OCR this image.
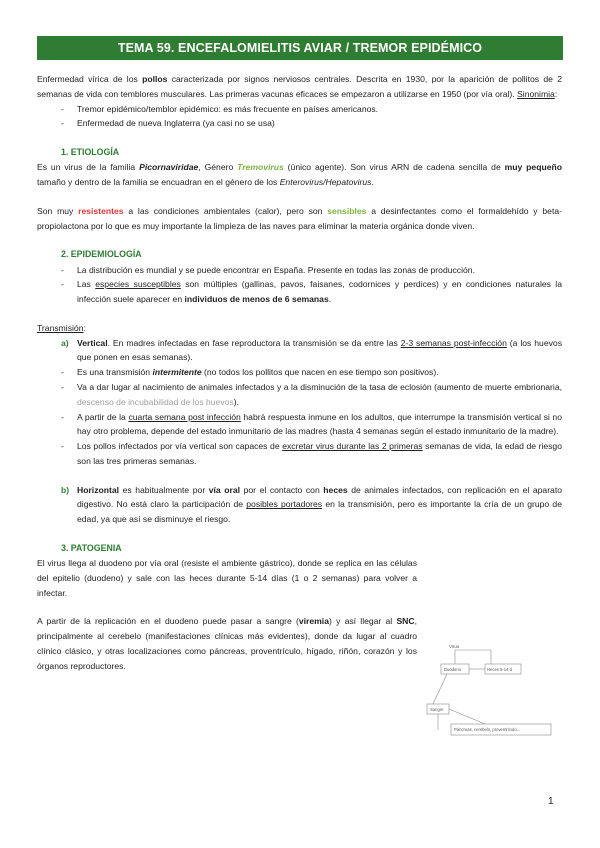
TEMA 59. ENCEFALOMIELITIS AVIAR / TREMOR EPIDÉMICO

Enfermedad vírica de los pollos caracterizada por signos nerviosos centrales. Descrita en 1930, por la aparición de pollitos de 2 semanas de vida con temblores musculares. Las primeras vacunas eficaces se empezaron a utilizarse en 1950 (por vía oral). Sinonimia:

- Tremor epidémico/temblor epidémico: es más frecuente en países americanos.
- Enfermedad de nueva Inglaterra (ya casi no se usa)
1. ETIOLOGÍA

Es un virus de la familia Picornaviridae, Género Tremovirus (único agente). Son virus ARN de cadena sencilla de muy pequeño tamaño y dentro de la familia se encuadran en el género de los Enterovirus/Hepatovirus.

Son muy resistentes a las condiciones ambientales (calor), pero son sensibles a desinfectantes como el formaldehído y beta-propiolactona por lo que es muy importante la limpieza de las naves para eliminar la materia orgánica donde viven.

2. EPIDEMIOLOGÍA
- La distribución es mundial y se puede encontrar en España. Presente en todas las zonas de producción.
- Las especies susceptibles son múltiples (gallinas, pavos, faisanes, codornices y perdices) y en condiciones naturales la infección suele aparecer en individuos de menos de 6 semanas.

Transmisión:

a) Vertical. En madres infectadas en fase reproductora la transmisión se da entre las 2-3 semanas post-infección (a los huevos que ponen en esas semanas).
- Es una transmisión intermitente (no todos los pollitos que nacen en ese tiempo son positivos).
- Va a dar lugar al nacimiento de animales infectados y a la disminución de la tasa de eclosión (aumento de muerte embrionaria, descenso de incubabilidad de los huevos).
- A partir de la cuarta semana post infección habrá respuesta inmune en los adultos, que interrumpe la transmisión vertical si no hay otro problema, depende del estado inmunitario de las madres (hasta 4 semanas según el estado inmunitario de la madre).
- Los pollos infectados por vía vertical son capaces de excretar virus durante las 2 primeras semanas de vida, la edad de riesgo son las tres primeras semanas.
b) Horizontal es habitualmente por vía oral por el contacto con heces de animales infectados, con replicación en el aparato digestivo. No está claro la participación de posibles portadores en la transmisión, pero es importante la cría de un grupo de edad, ya que así se disminuye el riesgo.
3. PATOGENIA

El virus llega al duodeno por vía oral (resiste el ambiente gástrico), donde se replica en las células del epitelio (duodeno) y sale con las heces durante 5-14 días (1 o 2 semanas) para volver a infectar.

A partir de la replicación en el duodeno puede pasar a sangre (viremia) y así llegar al SNC, principalmente al cerebelo (manifestaciones clínicas más evidentes), donde da lugar al cuadro clínico clásico, y otras localizaciones como páncreas, proventrículo, hígado, riñón, corazón y los órganos reproductores.

Virus
Duodeno	Heces 5-14 d
Sangre
Páncreas, cerebelo, proventrículo...
1
